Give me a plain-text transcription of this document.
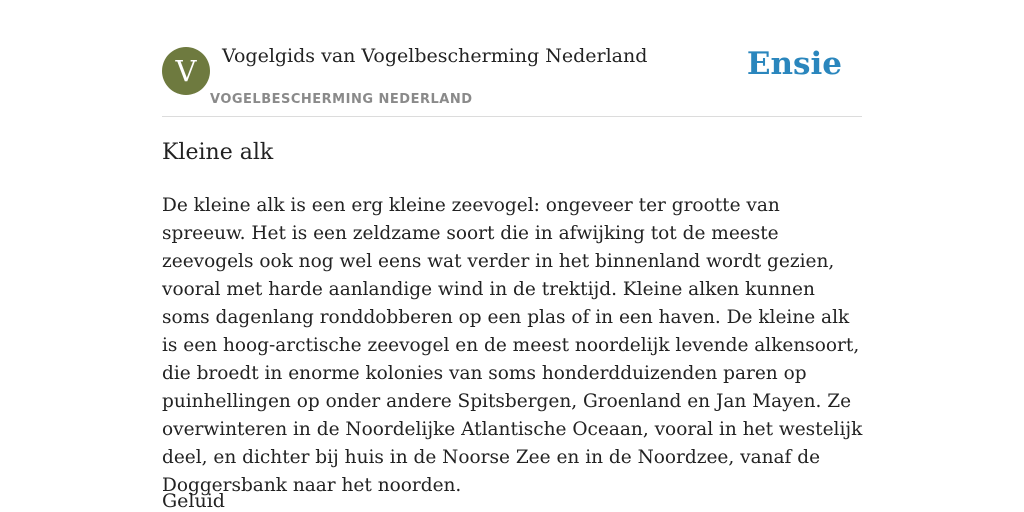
V	Vogelgids van Vogelbescherming Nederland
VOGELBESCHERMING NEDERLAND
Ensie
Kleine alk

De kleine alk is een erg kleine zeevogel: ongeveer ter grootte van spreeuw. Het is een zeldzame soort die in afwijking tot de meeste zeevogels ook nog wel eens wat verder in het binnenland wordt gezien, vooral met harde aanlandige wind in de trektijd. Kleine alken kunnen soms dagenlang ronddobberen op een plas of in een haven. De kleine alk is een hoog-arctische zeevogel en de meest noordelijk levende alkensoort, die broedt in enorme kolonies van soms honderdduizenden paren op puinhellingen op onder andere Spitsbergen, Groenland en Jan Mayen. Ze overwinteren in de Noordelijke Atlantische Oceaan, vooral in het westelijk deel, en dichter bij huis in de Noorse Zee en in de Noordzee, vanaf de Doggersbank naar het noorden.

Geluid
